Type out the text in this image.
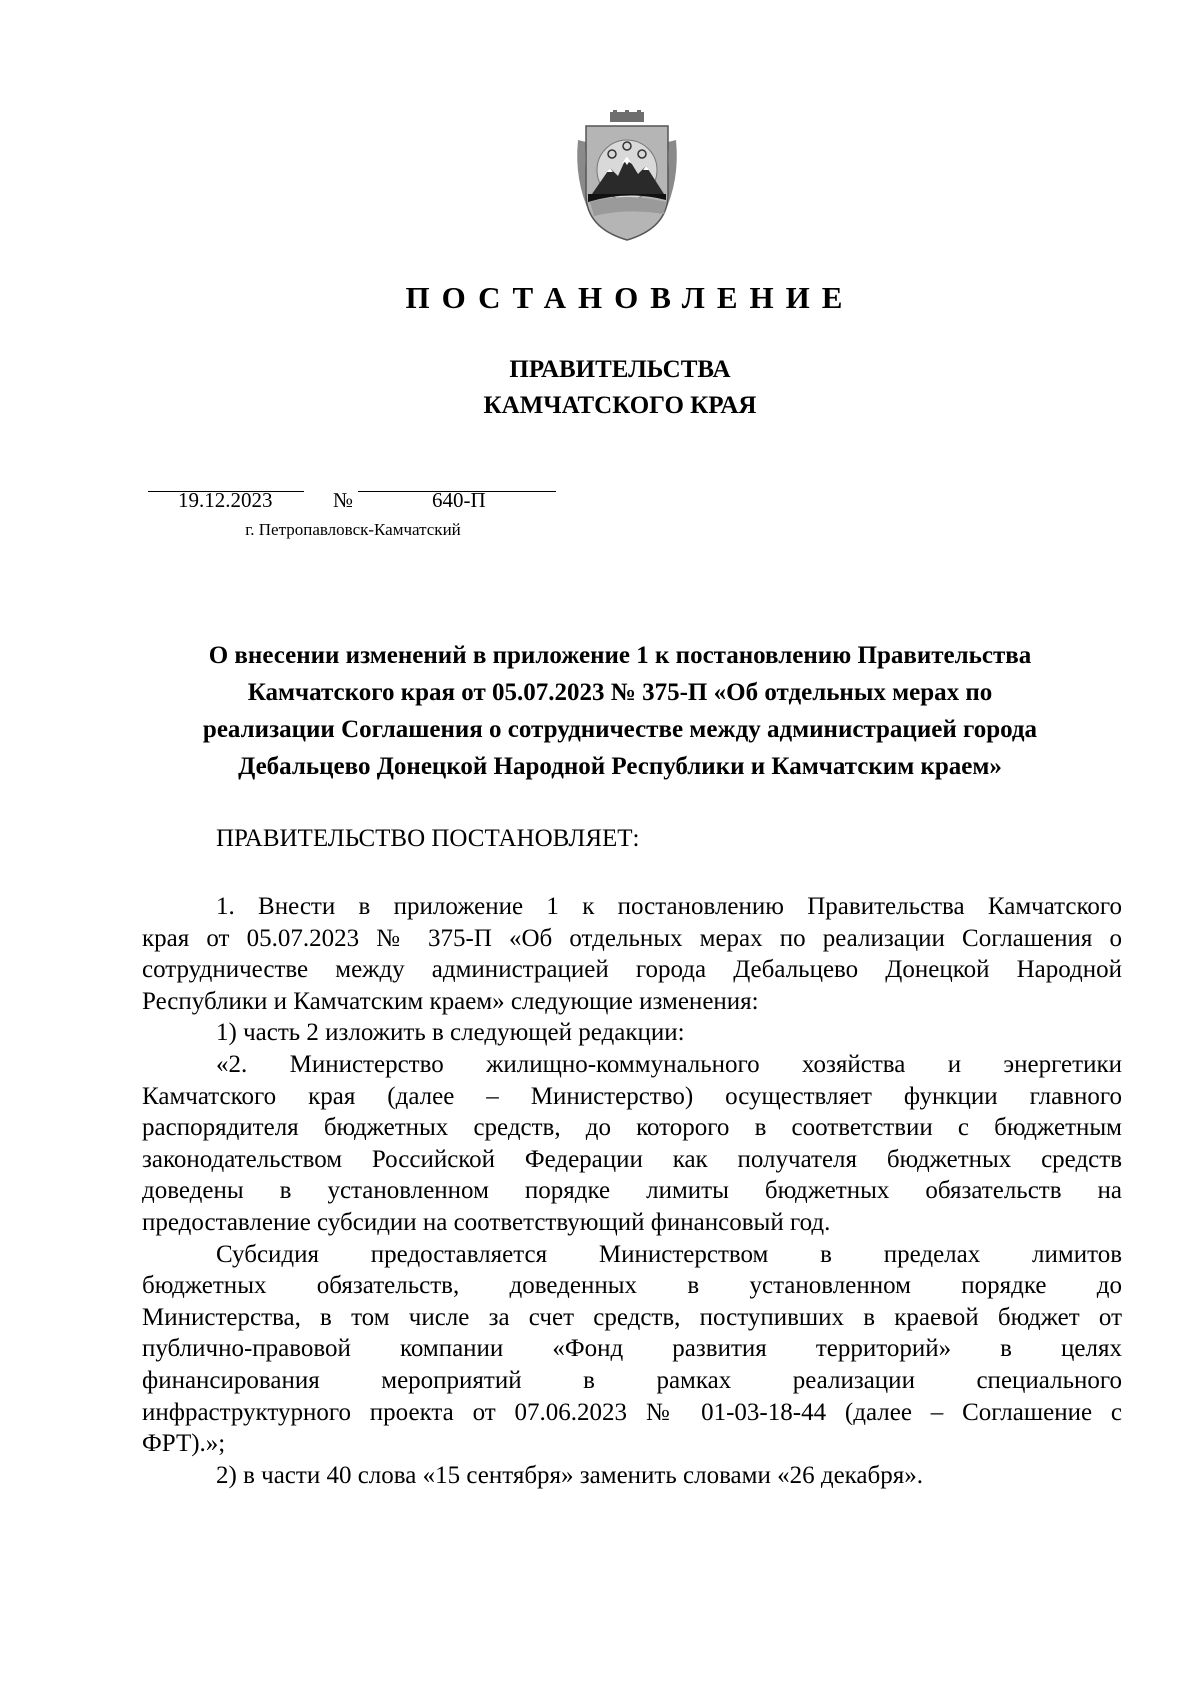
ПОСТАНОВЛЕНИЕ
ПРАВИТЕЛЬСТВА
КАМЧАТСКОГО КРАЯ
19.12.2023	№	640-П
г. Петропавловск-Камчатский
О внесении изменений в приложение 1 к постановлению Правительства
Камчатского края от 05.07.2023 № 375-П «Об отдельных мерах по
реализации Соглашения о сотрудничестве между администрацией города
Дебальцево Донецкой Народной Республики и Камчатским краем»
ПРАВИТЕЛЬСТВО ПОСТАНОВЛЯЕТ:
1. Внести в приложение 1 к постановлению Правительства Камчатского
края от 05.07.2023 № 375-П «Об отдельных мерах по реализации Соглашения о
сотрудничестве между администрацией города Дебальцево Донецкой Народной
Республики и Камчатским краем» следующие изменения:
1) часть 2 изложить в следующей редакции:
«2. Министерство жилищно-коммунального хозяйства и энергетики
Камчатского края (далее – Министерство) осуществляет функции главного
распорядителя бюджетных средств, до которого в соответствии с бюджетным
законодательством Российской Федерации как получателя бюджетных средств
доведены в установленном порядке лимиты бюджетных обязательств на
предоставление субсидии на соответствующий финансовый год.
Субсидия предоставляется Министерством в пределах лимитов
бюджетных обязательств, доведенных в установленном порядке до
Министерства, в том числе за счет средств, поступивших в краевой бюджет от
публично-правовой компании «Фонд развития территорий» в целях
финансирования мероприятий в рамках реализации специального
инфраструктурного проекта от 07.06.2023 № 01-03-18-44 (далее – Соглашение с
ФРТ).»;
2) в части 40 слова «15 сентября» заменить словами «26 декабря».
